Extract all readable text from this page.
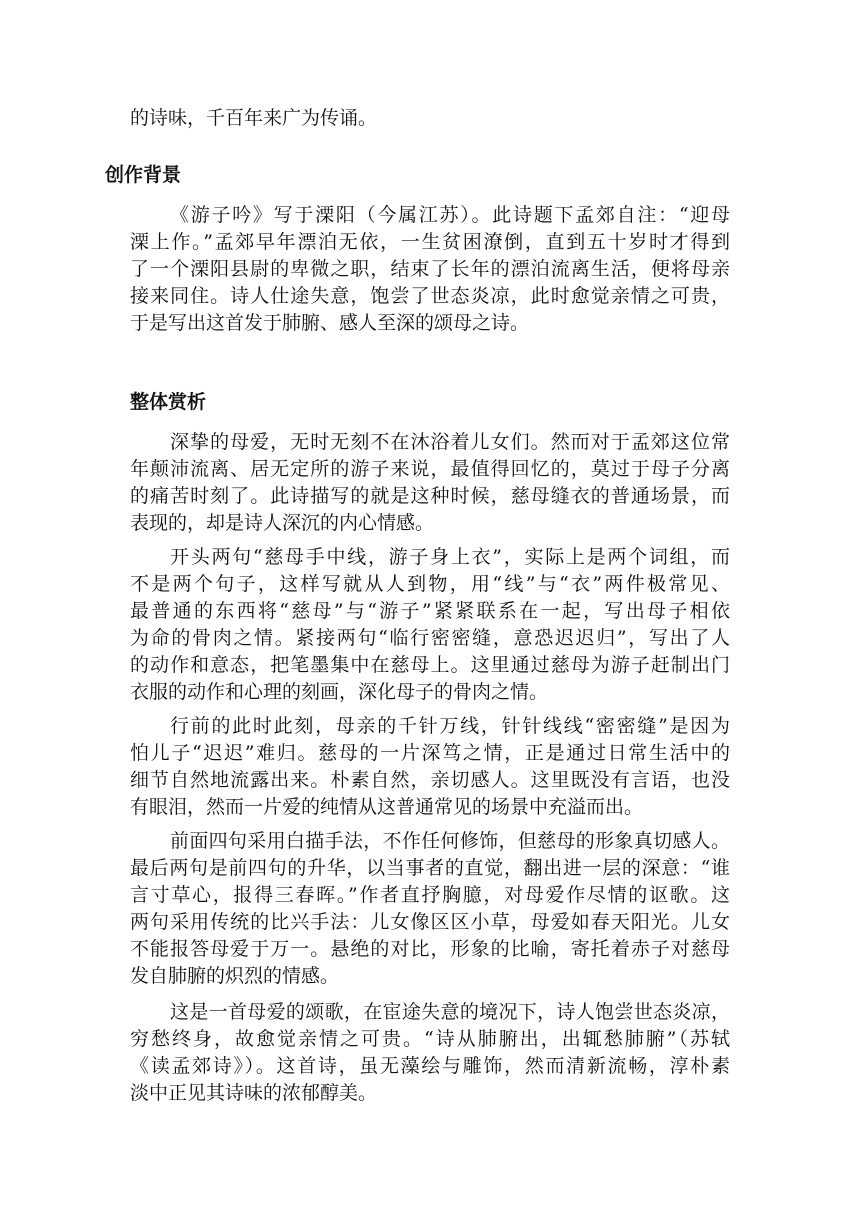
的诗味，千百年来广为传诵。
创作背景
《游子吟》写于溧阳（今属江苏）。此诗题下孟郊自注：“迎母
溧上作。”孟郊早年漂泊无依，一生贫困潦倒，直到五十岁时才得到
了一个溧阳县尉的卑微之职，结束了长年的漂泊流离生活，便将母亲
接来同住。诗人仕途失意，饱尝了世态炎凉，此时愈觉亲情之可贵，
于是写出这首发于肺腑、感人至深的颂母之诗。
整体赏析
深挚的母爱，无时无刻不在沐浴着儿女们。然而对于孟郊这位常
年颠沛流离、居无定所的游子来说，最值得回忆的，莫过于母子分离
的痛苦时刻了。此诗描写的就是这种时候，慈母缝衣的普通场景，而
表现的，却是诗人深沉的内心情感。
开头两句“慈母手中线，游子身上衣”，实际上是两个词组，而
不是两个句子，这样写就从人到物，用“线”与“衣”两件极常见、
最普通的东西将“慈母”与“游子”紧紧联系在一起，写出母子相依
为命的骨肉之情。紧接两句“临行密密缝，意恐迟迟归”，写出了人
的动作和意态，把笔墨集中在慈母上。这里通过慈母为游子赶制出门
衣服的动作和心理的刻画，深化母子的骨肉之情。
行前的此时此刻，母亲的千针万线，针针线线“密密缝”是因为
怕儿子“迟迟”难归。慈母的一片深笃之情，正是通过日常生活中的
细节自然地流露出来。朴素自然，亲切感人。这里既没有言语，也没
有眼泪，然而一片爱的纯情从这普通常见的场景中充溢而出。
前面四句采用白描手法，不作任何修饰，但慈母的形象真切感人。
最后两句是前四句的升华，以当事者的直觉，翻出进一层的深意：“谁
言寸草心，报得三春晖。”作者直抒胸臆，对母爱作尽情的讴歌。这
两句采用传统的比兴手法：儿女像区区小草，母爱如春天阳光。儿女
不能报答母爱于万一。悬绝的对比，形象的比喻，寄托着赤子对慈母
发自肺腑的炽烈的情感。
这是一首母爱的颂歌，在宦途失意的境况下，诗人饱尝世态炎凉，
穷愁终身，故愈觉亲情之可贵。“诗从肺腑出，出辄愁肺腑”（苏轼
《读孟郊诗》）。这首诗，虽无藻绘与雕饰，然而清新流畅，淳朴素
淡中正见其诗味的浓郁醇美。
